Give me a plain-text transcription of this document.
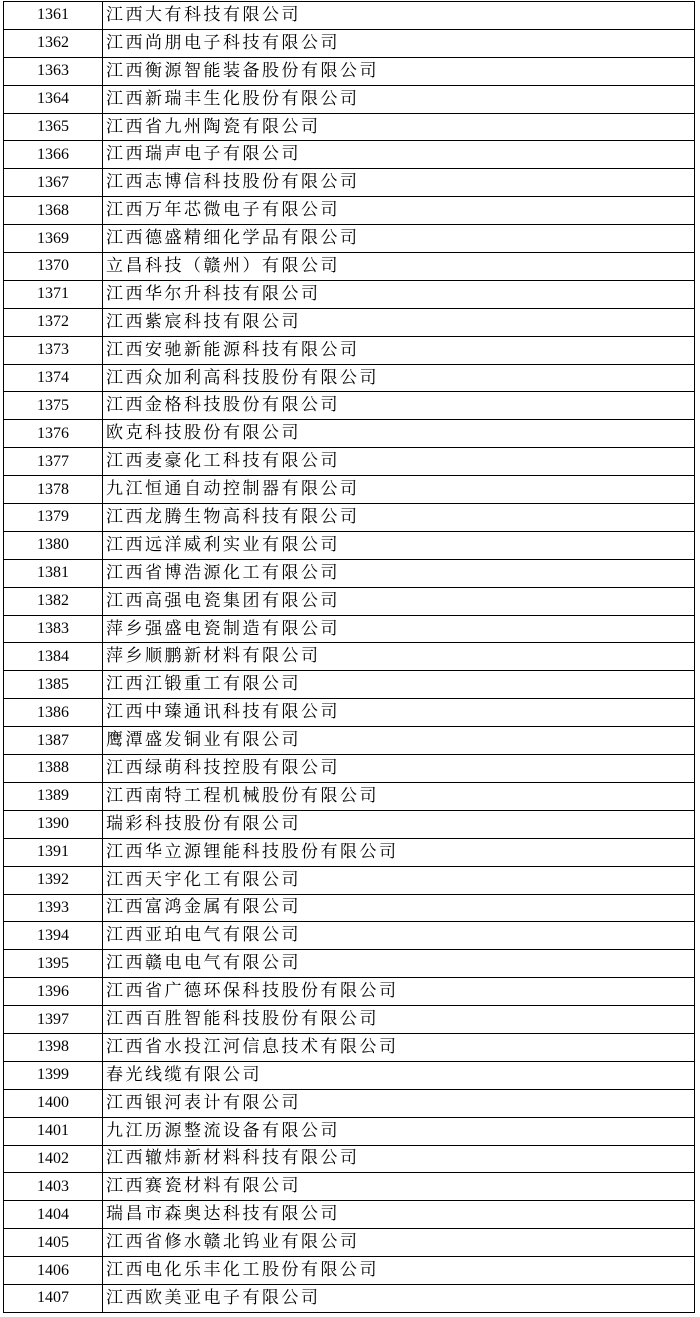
1361	江西大有科技有限公司
1362	江西尚朋电子科技有限公司
1363	江西衡源智能装备股份有限公司
1364	江西新瑞丰生化股份有限公司
1365	江西省九州陶瓷有限公司
1366	江西瑞声电子有限公司
1367	江西志博信科技股份有限公司
1368	江西万年芯微电子有限公司
1369	江西德盛精细化学品有限公司
1370	立昌科技（赣州）有限公司
1371	江西华尔升科技有限公司
1372	江西紫宸科技有限公司
1373	江西安驰新能源科技有限公司
1374	江西众加利高科技股份有限公司
1375	江西金格科技股份有限公司
1376	欧克科技股份有限公司
1377	江西麦豪化工科技有限公司
1378	九江恒通自动控制器有限公司
1379	江西龙腾生物高科技有限公司
1380	江西远洋威利实业有限公司
1381	江西省博浩源化工有限公司
1382	江西高强电瓷集团有限公司
1383	萍乡强盛电瓷制造有限公司
1384	萍乡顺鹏新材料有限公司
1385	江西江锻重工有限公司
1386	江西中臻通讯科技有限公司
1387	鹰潭盛发铜业有限公司
1388	江西绿萌科技控股有限公司
1389	江西南特工程机械股份有限公司
1390	瑞彩科技股份有限公司
1391	江西华立源锂能科技股份有限公司
1392	江西天宇化工有限公司
1393	江西富鸿金属有限公司
1394	江西亚珀电气有限公司
1395	江西赣电电气有限公司
1396	江西省广德环保科技股份有限公司
1397	江西百胜智能科技股份有限公司
1398	江西省水投江河信息技术有限公司
1399	春光线缆有限公司
1400	江西银河表计有限公司
1401	九江历源整流设备有限公司
1402	江西辙炜新材料科技有限公司
1403	江西赛瓷材料有限公司
1404	瑞昌市森奥达科技有限公司
1405	江西省修水赣北钨业有限公司
1406	江西电化乐丰化工股份有限公司
1407	江西欧美亚电子有限公司
